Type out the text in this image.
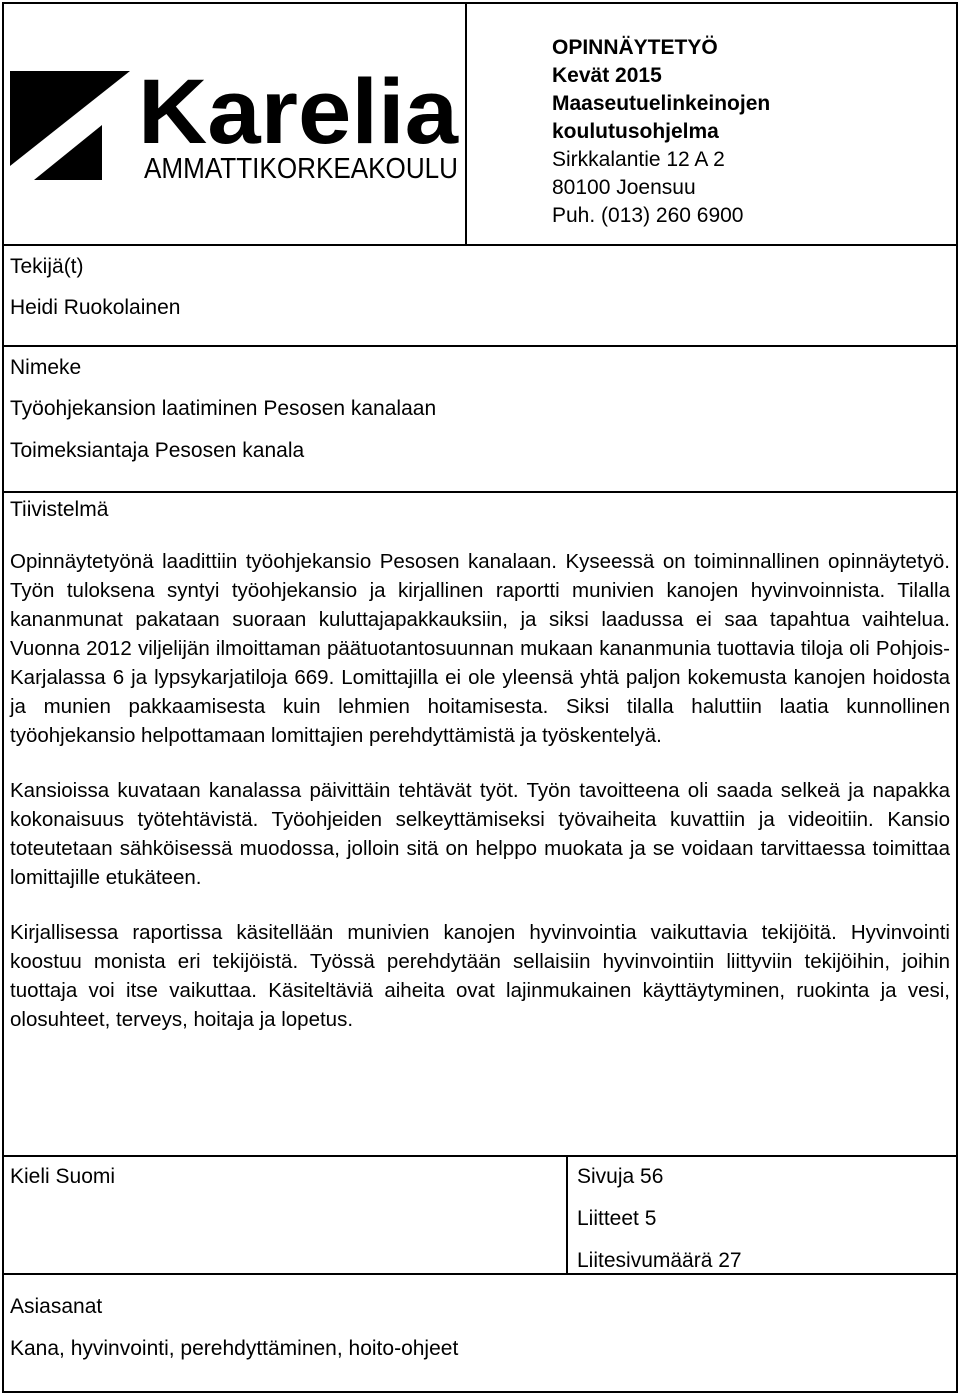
Karelia
AMMATTIKORKEAKOULU
OPINNÄYTETYÖ
Kevät 2015
Maaseutuelinkeinojen
koulutusohjelma
Sirkkalantie 12 A 2
80100 Joensuu
Puh. (013) 260 6900
Tekijä(t)
Heidi Ruokolainen
Nimeke
Työohjekansion laatiminen Pesosen kanalaan
Toimeksiantaja Pesosen kanala
Tiivistelmä

Opinnäytetyönä laadittiin työohjekansio Pesosen kanalaan. Kyseessä on toiminnallinen opinnäytetyö. Työn tuloksena syntyi työohjekansio ja kirjallinen raportti munivien kanojen hyvinvoinnista. Tilalla kananmunat pakataan suoraan kuluttajapakkauksiin, ja siksi laadussa ei saa tapahtua vaihtelua. Vuonna 2012 viljelijän ilmoittaman päätuotantosuunnan mukaan kananmunia tuottavia tiloja oli Pohjois-Karjalassa 6 ja lypsykarjatiloja 669. Lomittajilla ei ole yleensä yhtä paljon kokemusta kanojen hoidosta ja munien pakkaamisesta kuin lehmien hoitamisesta. Siksi tilalla haluttiin laatia kunnollinen työohjekansio helpottamaan lomittajien perehdyttämistä ja työskentelyä.

Kansioissa kuvataan kanalassa päivittäin tehtävät työt. Työn tavoitteena oli saada selkeä ja napakka kokonaisuus työtehtävistä. Työohjeiden selkeyttämiseksi työvaiheita kuvattiin ja videoitiin. Kansio toteutetaan sähköisessä muodossa, jolloin sitä on helppo muokata ja se voidaan tarvittaessa toimittaa lomittajille etukäteen.

Kirjallisessa raportissa käsitellään munivien kanojen hyvinvointia vaikuttavia tekijöitä. Hyvinvointi koostuu monista eri tekijöistä. Työssä perehdytään sellaisiin hyvinvointiin liittyviin tekijöihin, joihin tuottaja voi itse vaikuttaa. Käsiteltäviä aiheita ovat lajinmukainen käyttäytyminen, ruokinta ja vesi, olosuhteet, terveys, hoitaja ja lopetus.

Kieli Suomi	Sivuja 56
Liitteet 5
Liitesivumäärä 27
Asiasanat
Kana, hyvinvointi, perehdyttäminen, hoito-ohjeet
